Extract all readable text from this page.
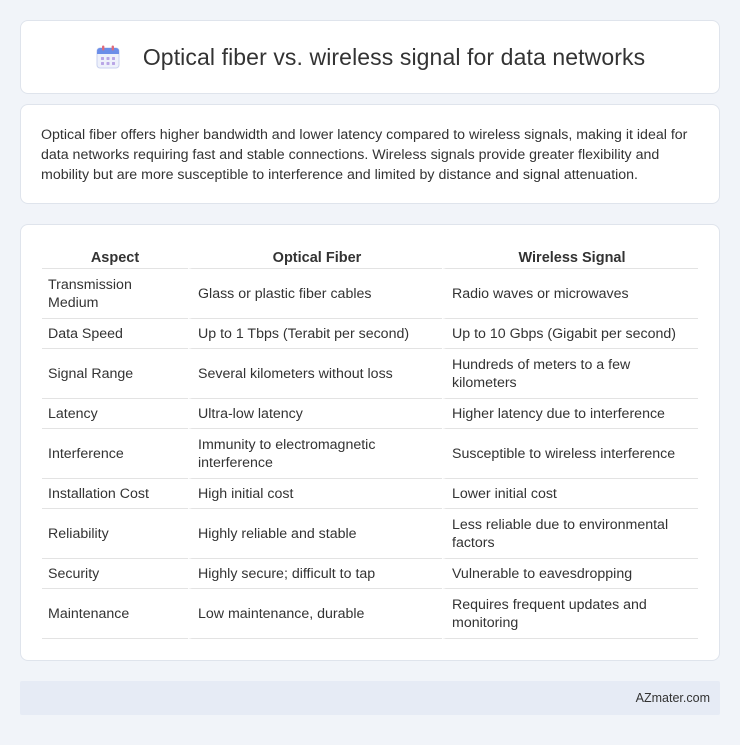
Optical fiber vs. wireless signal for data networks

Optical fiber offers higher bandwidth and lower latency compared to wireless signals, making it ideal for data networks requiring fast and stable connections. Wireless signals provide greater flexibility and mobility but are more susceptible to interference and limited by distance and signal attenuation.

Aspect	Optical Fiber	Wireless Signal
Transmission Medium	Glass or plastic fiber cables	Radio waves or microwaves
Data Speed	Up to 1 Tbps (Terabit per second)	Up to 10 Gbps (Gigabit per second)
Signal Range	Several kilometers without loss	Hundreds of meters to a few kilometers
Latency	Ultra-low latency	Higher latency due to interference
Interference	Immunity to electromagnetic interference	Susceptible to wireless interference
Installation Cost	High initial cost	Lower initial cost
Reliability	Highly reliable and stable	Less reliable due to environmental factors
Security	Highly secure; difficult to tap	Vulnerable to eavesdropping
Maintenance	Low maintenance, durable	Requires frequent updates and monitoring
AZmater.com
